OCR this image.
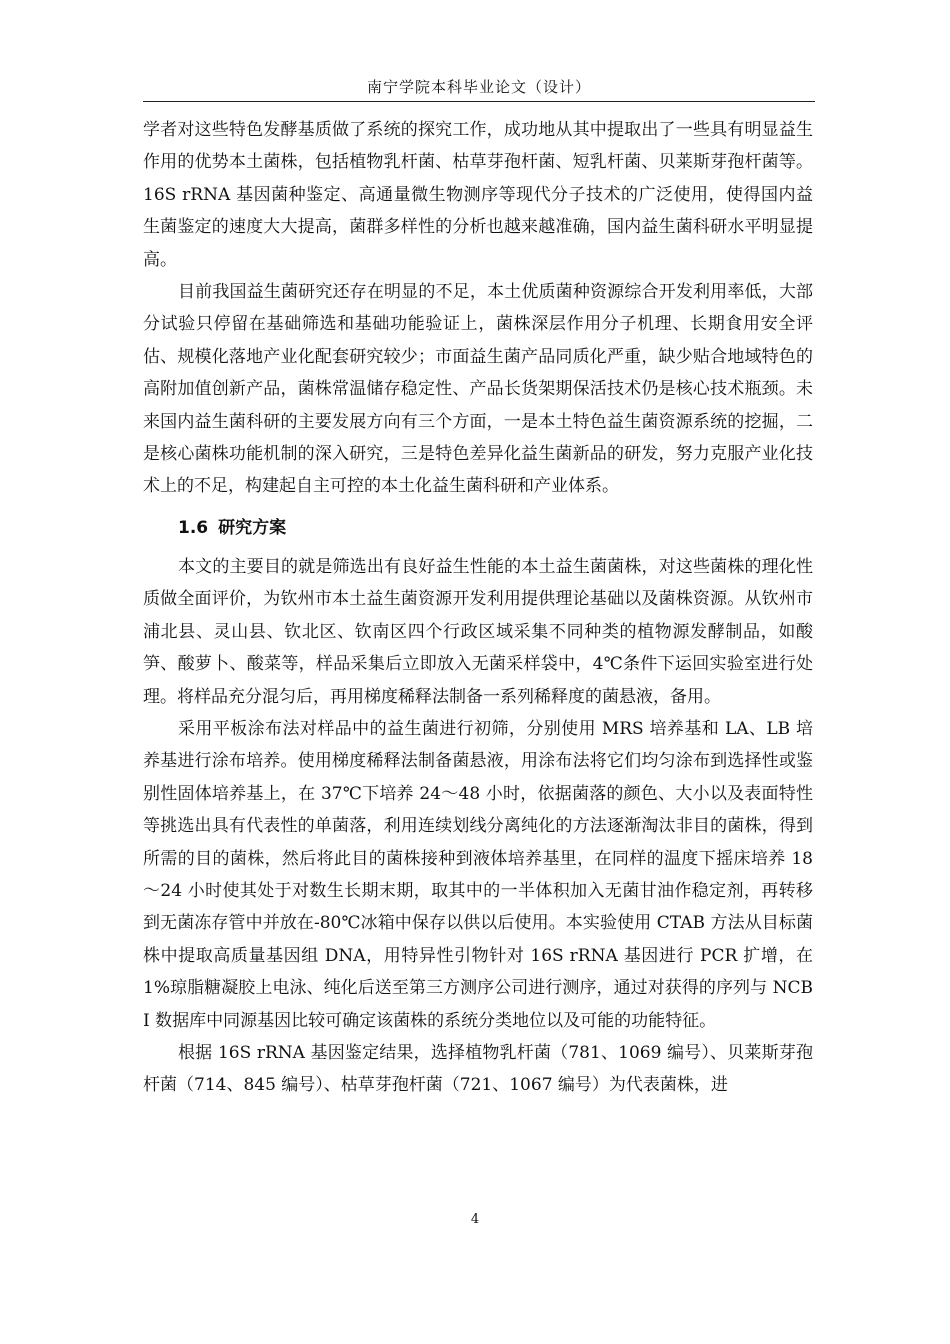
南宁学院本科毕业论文（设计）

学者对这些特色发酵基质做了系统的探究工作，成功地从其中提取出了一些具有明显益生作用的优势本土菌株，包括植物乳杆菌、枯草芽孢杆菌、短乳杆菌、贝莱斯芽孢杆菌等。16S rRNA 基因菌种鉴定、高通量微生物测序等现代分子技术的广泛使用，使得国内益生菌鉴定的速度大大提高，菌群多样性的分析也越来越准确，国内益生菌科研水平明显提高。

目前我国益生菌研究还存在明显的不足，本土优质菌种资源综合开发利用率低，大部分试验只停留在基础筛选和基础功能验证上，菌株深层作用分子机理、长期食用安全评估、规模化落地产业化配套研究较少；市面益生菌产品同质化严重，缺少贴合地域特色的高附加值创新产品，菌株常温储存稳定性、产品长货架期保活技术仍是核心技术瓶颈。未来国内益生菌科研的主要发展方向有三个方面，一是本土特色益生菌资源系统的挖掘，二是核心菌株功能机制的深入研究，三是特色差异化益生菌新品的研发，努力克服产业化技术上的不足，构建起自主可控的本土化益生菌科研和产业体系。

1.6 研究方案

本文的主要目的就是筛选出有良好益生性能的本土益生菌菌株，对这些菌株的理化性质做全面评价，为钦州市本土益生菌资源开发利用提供理论基础以及菌株资源。从钦州市浦北县、灵山县、钦北区、钦南区四个行政区域采集不同种类的植物源发酵制品，如酸笋、酸萝卜、酸菜等，样品采集后立即放入无菌采样袋中，4℃条件下运回实验室进行处理。将样品充分混匀后，再用梯度稀释法制备一系列稀释度的菌悬液，备用。

采用平板涂布法对样品中的益生菌进行初筛，分别使用 MRS 培养基和 LA、LB 培养基进行涂布培养。使用梯度稀释法制备菌悬液，用涂布法将它们均匀涂布到选择性或鉴别性固体培养基上，在 37℃下培养 24～48 小时，依据菌落的颜色、大小以及表面特性等挑选出具有代表性的单菌落，利用连续划线分离纯化的方法逐渐淘汰非目的菌株，得到所需的目的菌株，然后将此目的菌株接种到液体培养基里，在同样的温度下摇床培养 18～24 小时使其处于对数生长期末期，取其中的一半体积加入无菌甘油作稳定剂，再转移到无菌冻存管中并放在-80℃冰箱中保存以供以后使用。本实验使用 CTAB 方法从目标菌株中提取高质量基因组 DNA，用特异性引物针对 16S rRNA 基因进行 PCR 扩增，在 1%琼脂糖凝胶上电泳、纯化后送至第三方测序公司进行测序，通过对获得的序列与 NCBI 数据库中同源基因比较可确定该菌株的系统分类地位以及可能的功能特征。

根据 16S rRNA 基因鉴定结果，选择植物乳杆菌（781、1069 编号）、贝莱斯芽孢杆菌（714、845 编号）、枯草芽孢杆菌（721、1067 编号）为代表菌株，进

4
